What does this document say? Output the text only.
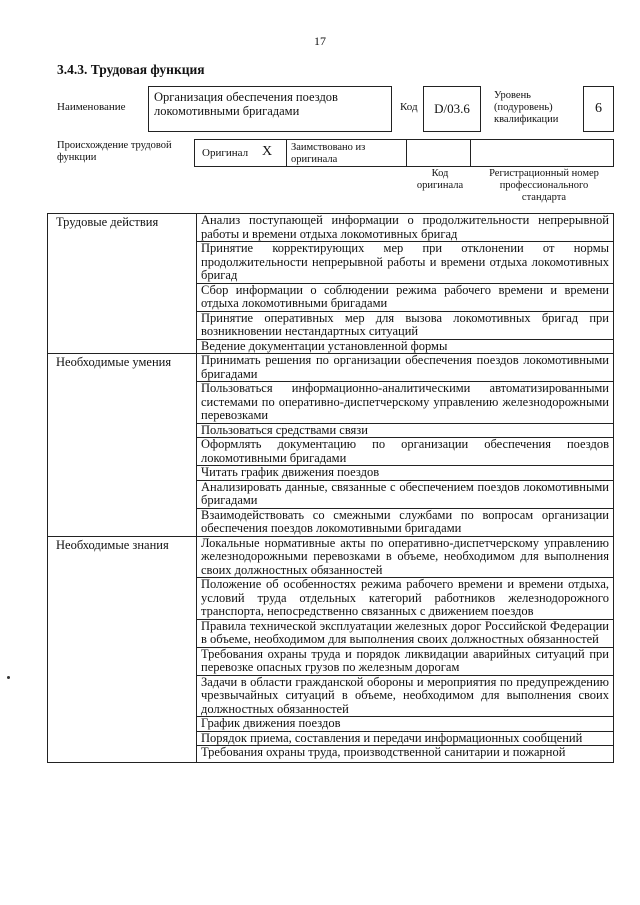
17
3.4.3. Трудовая функция
Наименование
Организация обеспечения поездов локомотивными бригадами	Код	D/03.6
Уровень (подуровень) квалификации
6
Происхождение трудовой функции	Оригинал X Заимствовано из оригинала
Код оригинала
Регистрационный номер профессионального стандарта
Трудовые действия	Анализ поступающей информации о продолжительности непрерывной работы и времени отдыха локомотивных бригад
	Принятие корректирующих мер при отклонении от нормы продолжительности непрерывной работы и времени отдыха локомотивных бригад
	Сбор информации о соблюдении режима рабочего времени и времени отдыха локомотивными бригадами
	Принятие оперативных мер для вызова локомотивных бригад при возникновении нестандартных ситуаций
	Ведение документации установленной формы
Необходимые умения	Принимать решения по организации обеспечения поездов локомотивными бригадами
	Пользоваться информационно-аналитическими автоматизированными системами по оперативно-диспетчерскому управлению железнодорожными перевозками
	Пользоваться средствами связи
	Оформлять документацию по организации обеспечения поездов локомотивными бригадами
	Читать график движения поездов
	Анализировать данные, связанные с обеспечением поездов локомотивными бригадами
	Взаимодействовать со смежными службами по вопросам организации обеспечения поездов локомотивными бригадами
Необходимые знания	Локальные нормативные акты по оперативно-диспетчерскому управлению железнодорожными перевозками в объеме, необходимом для выполнения своих должностных обязанностей
	Положение об особенностях режима рабочего времени и времени отдыха, условий труда отдельных категорий работников железнодорожного транспорта, непосредственно связанных с движением поездов
	Правила технической эксплуатации железных дорог Российской Федерации в объеме, необходимом для выполнения своих должностных обязанностей
	Требования охраны труда и порядок ликвидации аварийных ситуаций при перевозке опасных грузов по железным дорогам
	Задачи в области гражданской обороны и мероприятия по предупреждению чрезвычайных ситуаций в объеме, необходимом для выполнения своих должностных обязанностей
	График движения поездов
	Порядок приема, составления и передачи информационных сообщений

	Требования охраны труда, производственной санитарии и пожарной
